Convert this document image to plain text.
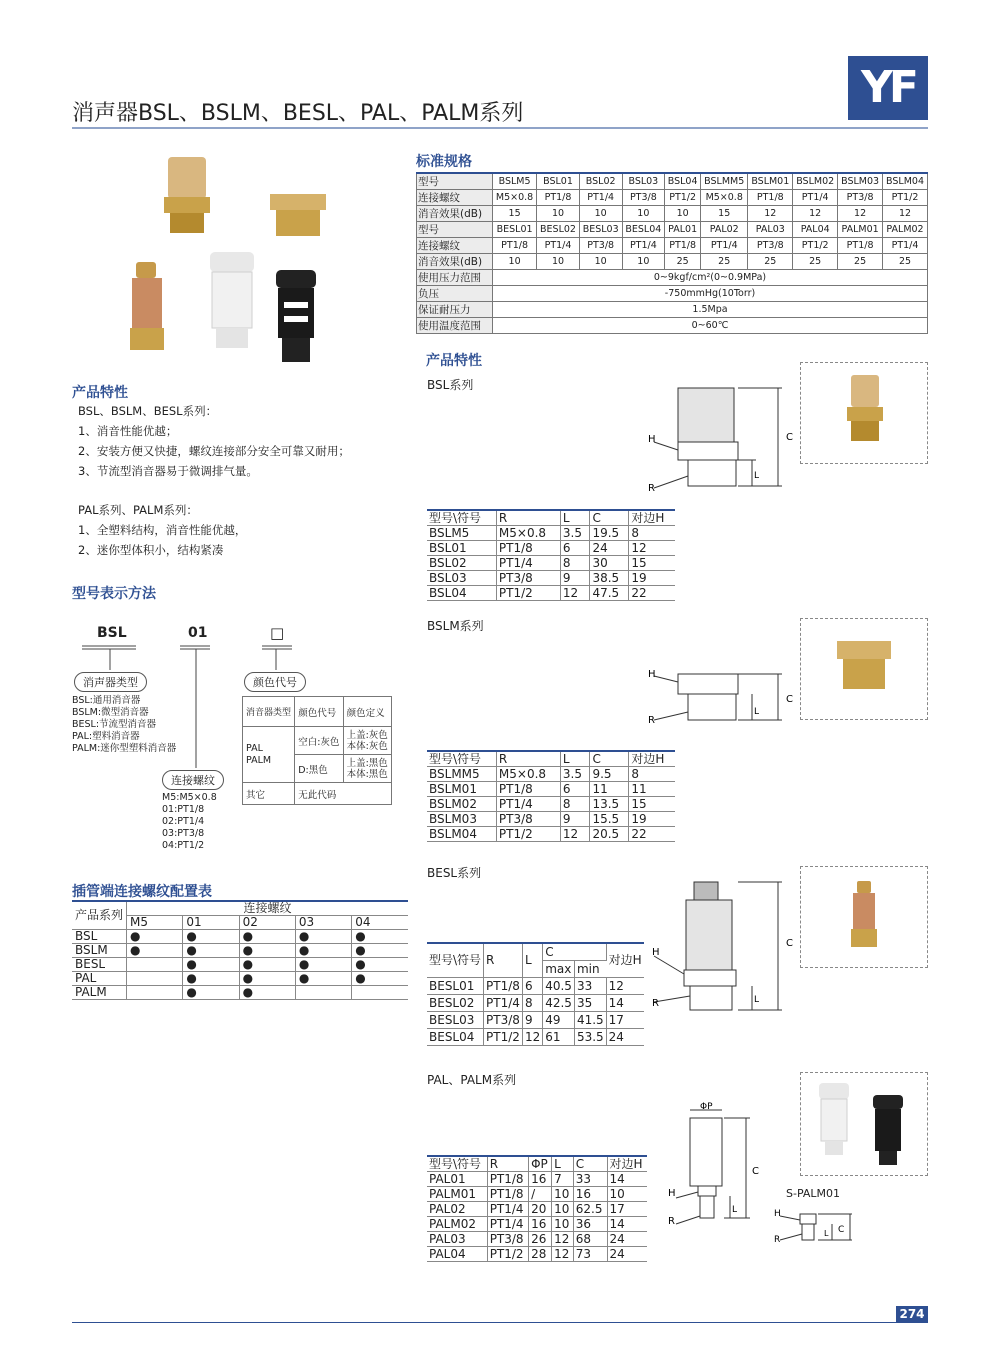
消声器BSL、BSLM、BESL、PAL、PALM系列
YF
产品特性
BSL、BSLM、BESL系列：
1、消音性能优越；
2、安装方便又快捷，螺纹连接部分安全可靠又耐用；
3、节流型消音器易于微调排气量。
PAL系列、PALM系列：
1、全塑料结构，消音性能优越，
2、迷你型体积小，结构紧凑
型号表示方法
BSL	01	□
消声器类型
BSL:通用消音器
BSLM:微型消音器
BESL:节流型消音器
PAL:塑料消音器
PALM:迷你型塑料消音器
连接螺纹
M5:M5×0.8
01:PT1/8
02:PT1/4
03:PT3/8
04:PT1/2
颜色代号
消音器类型	颜色代号	颜色定义
PAL
PALM	空白:灰色	上盖:灰色
本体:灰色
	D:黑色	上盖:黑色
本体:黑色
其它	无此代码	
插管端连接螺纹配置表
产品系列	连接螺纹				
	M5	01	02	03	04
BSL	●	●	●	●	●
BSLM	●	●	●	●	●
BESL		●	●	●	●
PAL		●	●	●	●
PALM		●	●		
标准规格
型号	BSLM5	BSL01	BSL02	BSL03	BSL04	BSLMM5	BSLM01	BSLM02	BSLM03	BSLM04
连接螺纹	M5×0.8	PT1/8	PT1/4	PT3/8	PT1/2	M5×0.8	PT1/8	PT1/4	PT3/8	PT1/2
消音效果(dB)	15	10	10	10	10	15	12	12	12	12
型号	BESL01	BESL02	BESL03	BESL04	PAL01	PAL02	PAL03	PAL04	PALM01	PALM02
连接螺纹	PT1/8	PT1/4	PT3/8	PT1/4	PT1/8	PT1/4	PT3/8	PT1/2	PT1/8	PT1/4
消音效果(dB)	10	10	10	10	25	25	25	25	25	25
使用压力范围	0~9kgf/cm²(0~0.9MPa)									
负压	-750mmHg(10Torr)									
保证耐压力	1.5Mpa									
使用温度范围	0~60℃									
产品特性
BSL系列
H
R
C
L
型号\符号	R	L	C	对边H
BSLM5	M5×0.8	3.5	19.5	8
BSL01	PT1/8	6	24	12
BSL02	PT1/4	8	30	15
BSL03	PT3/8	9	38.5	19
BSL04	PT1/2	12	47.5	22
BSLM系列
H
R
C
L
型号\符号	R	L	C	对边H
BSLMM5	M5×0.8	3.5	9.5	8
BSLM01	PT1/8	6	11	11
BSLM02	PT1/4	8	13.5	15
BSLM03	PT3/8	9	15.5	19
BSLM04	PT1/2	12	20.5	22
BESL系列
H
R
C
L
型号\符号	R	L	C		对边H
			max	min	
BESL01	PT1/8	6	40.5	33	12
BESL02	PT1/4	8	42.5	35	14
BESL03	PT3/8	9	49	41.5	17
BESL04	PT1/2	12	61	53.5	24
PAL、PALM系列
ΦP
H
R
C
L
S-PALM01
H
R
C
L
型号\符号	R	ΦP	L	C	对边H
PAL01	PT1/8	16	7	33	14
PALM01	PT1/8	/	10	16	10
PAL02	PT1/4	20	10	62.5	17
PALM02	PT1/4	16	10	36	14
PAL03	PT3/8	26	12	68	24
PAL04	PT1/2	28	12	73	24
274
